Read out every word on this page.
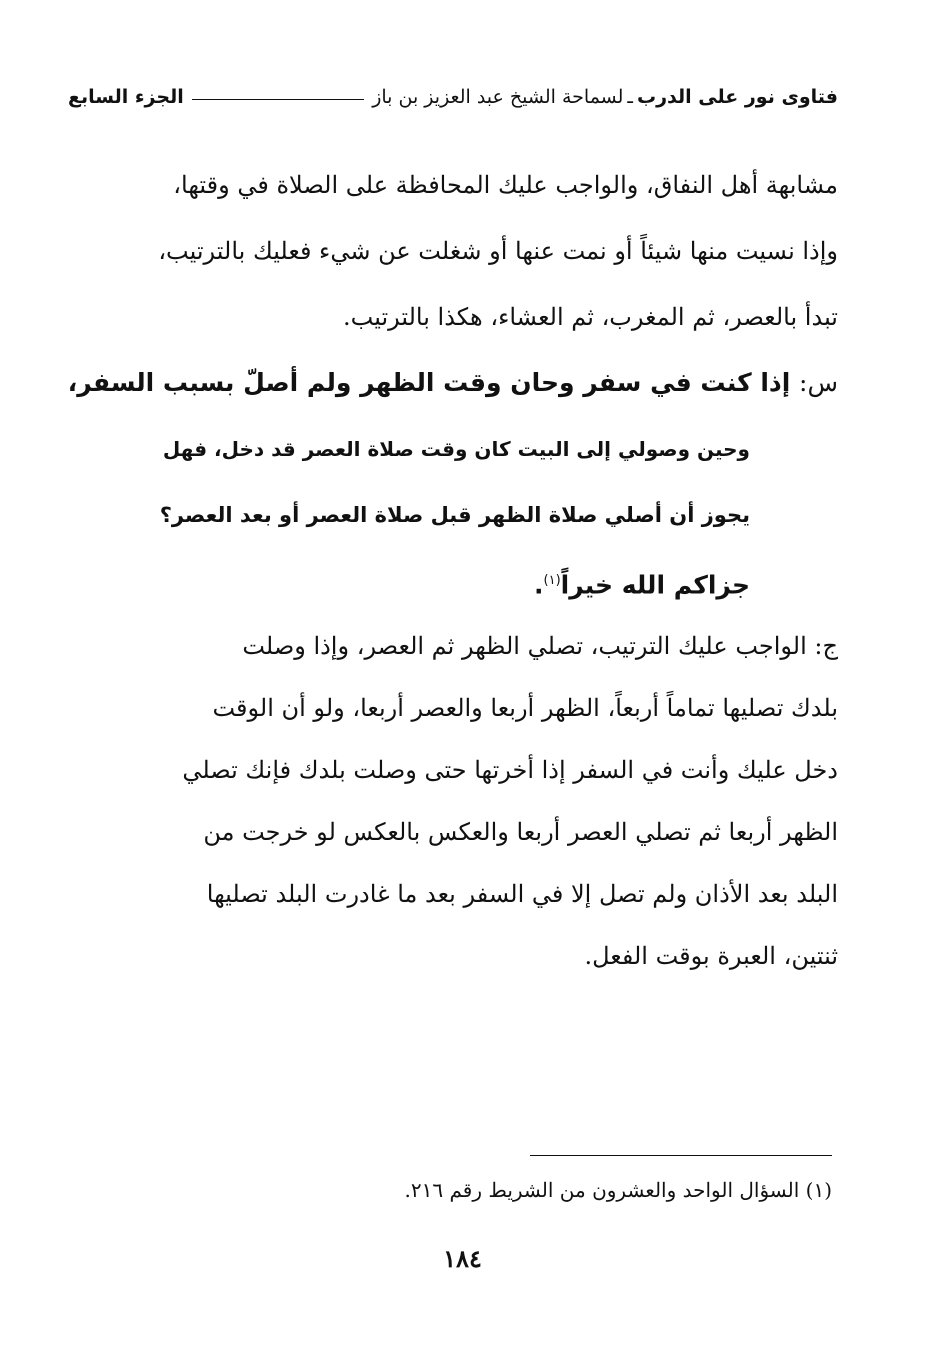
فتاوى نور على الدرب
ـ
لسماحة الشيخ عبد العزيز بن باز
الجزء السابع
مشابهة أهل النفاق، والواجب عليك المحافظة على الصلاة في وقتها،
وإذا نسيت منها شيئاً أو نمت عنها أو شغلت عن شيء فعليك بالترتيب،
تبدأ بالعصر، ثم المغرب، ثم العشاء، هكذا بالترتيب.
س: إذا كنت في سفر وحان وقت الظهر ولم أصلّ بسبب السفر،
وحين وصولي إلى البيت كان وقت صلاة العصر قد دخل، فهل
يجوز أن أصلي صلاة الظهر قبل صلاة العصر أو بعد العصر؟
جزاكم الله خيراً$^{(١)}$.
ج: الواجب عليك الترتيب، تصلي الظهر ثم العصر، وإذا وصلت
بلدك تصليها تماماً أربعاً، الظهر أربعا والعصر أربعا، ولو أن الوقت
دخل عليك وأنت في السفر إذا أخرتها حتى وصلت بلدك فإنك تصلي
الظهر أربعا ثم تصلي العصر أربعا والعكس بالعكس لو خرجت من
البلد بعد الأذان ولم تصل إلا في السفر بعد ما غادرت البلد تصليها
ثنتين، العبرة بوقت الفعل.
(١) السؤال الواحد والعشرون من الشريط رقم ٢١٦.
١٨٤
